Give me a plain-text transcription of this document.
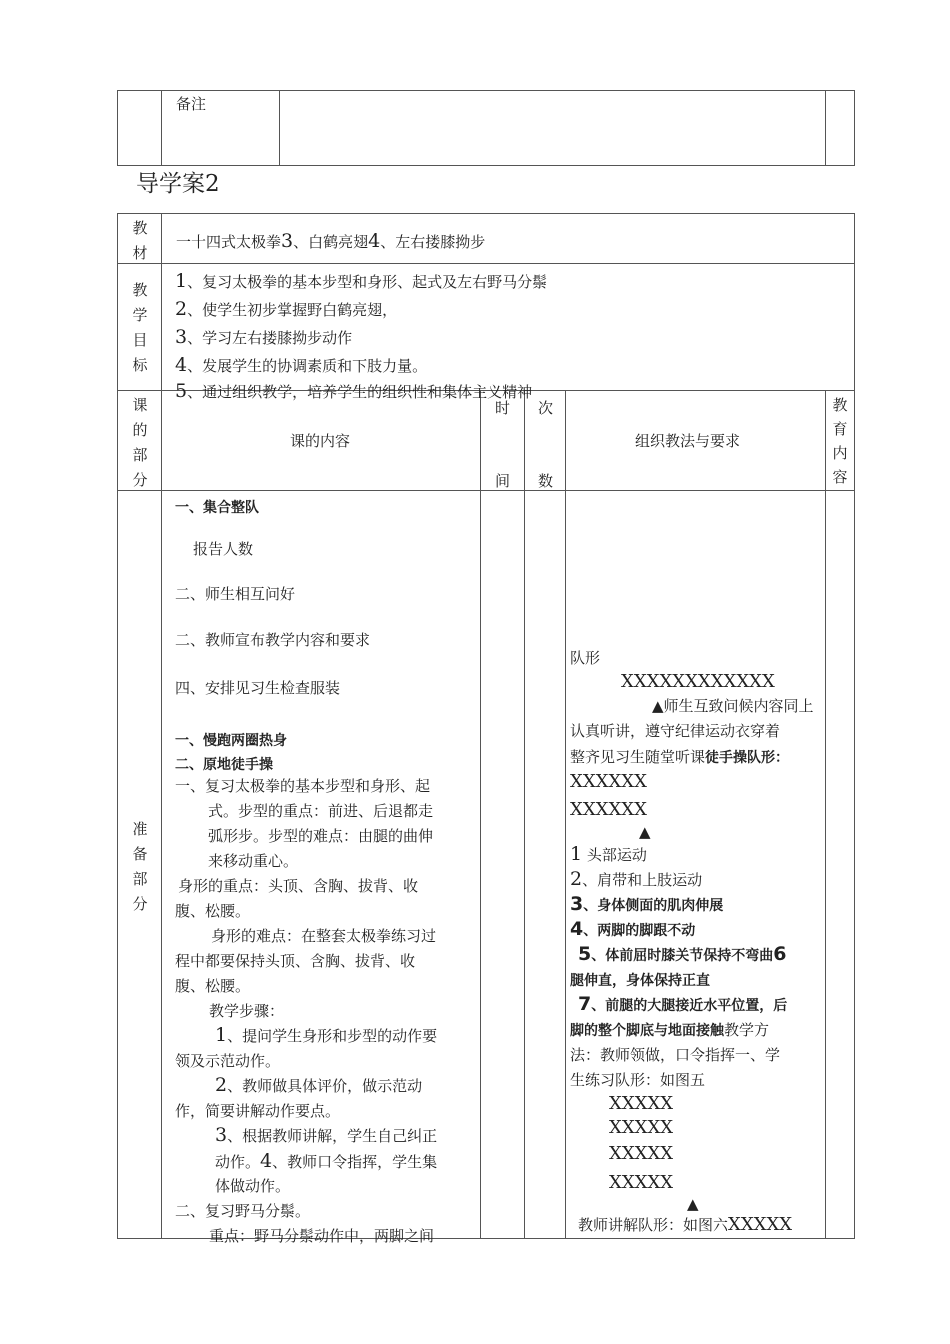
备注
导学案2
教材
一十四式太极拳3、白鹤亮翅4、左右搂膝拗步
教学目标
1、复习太极拳的基本步型和身形、起式及左右野马分鬃
2、使学生初步掌握野白鹤亮翅，
3、学习左右搂膝拗步动作
4、发展学生的协调素质和下肢力量。
5、通过组织教学，培养学生的组织性和集体主义精神
课的部分
课的内容
时
间
次
数
组织教法与要求
教育内容
准备部分
一、集合整队
报告人数
二、师生相互问好
二、教师宣布教学内容和要求
四、安排见习生检查服装
一、慢跑两圈热身
二、原地徒手操
一、复习太极拳的基本步型和身形、起
式。步型的重点：前进、后退都走
弧形步。步型的难点：由腿的曲伸
来移动重心。
身形的重点：头顶、含胸、拔背、收
腹、松腰。
身形的难点：在整套太极拳练习过
程中都要保持头顶、含胸、拔背、收
腹、松腰。
教学步骤：
1、提问学生身形和步型的动作要
领及示范动作。
2、教师做具体评价，做示范动
作，简要讲解动作要点。
3、根据教师讲解，学生自己纠正
动作。4、教师口令指挥，学生集
体做动作。
二、复习野马分鬃。
重点：野马分鬃动作中，两脚之间
队形
XXXXXXXXXXXX
▲师生互致问候内容同上
认真听讲，遵守纪律运动衣穿着
整齐见习生随堂听课徒手操队形：
XXXXXX
XXXXXX
▲
1 头部运动
2、肩带和上肢运动
3、身体侧面的肌肉伸展
4、两脚的脚跟不动
5、体前屈时膝关节保持不弯曲6
腿伸直，身体保持正直
7、前腿的大腿接近水平位置，后
脚的整个脚底与地面接触教学方
法：教师领做，口令指挥一、学
生练习队形：如图五
XXXXX
XXXXX
XXXXX
XXXXX
▲
教师讲解队形：如图六XXXXX
